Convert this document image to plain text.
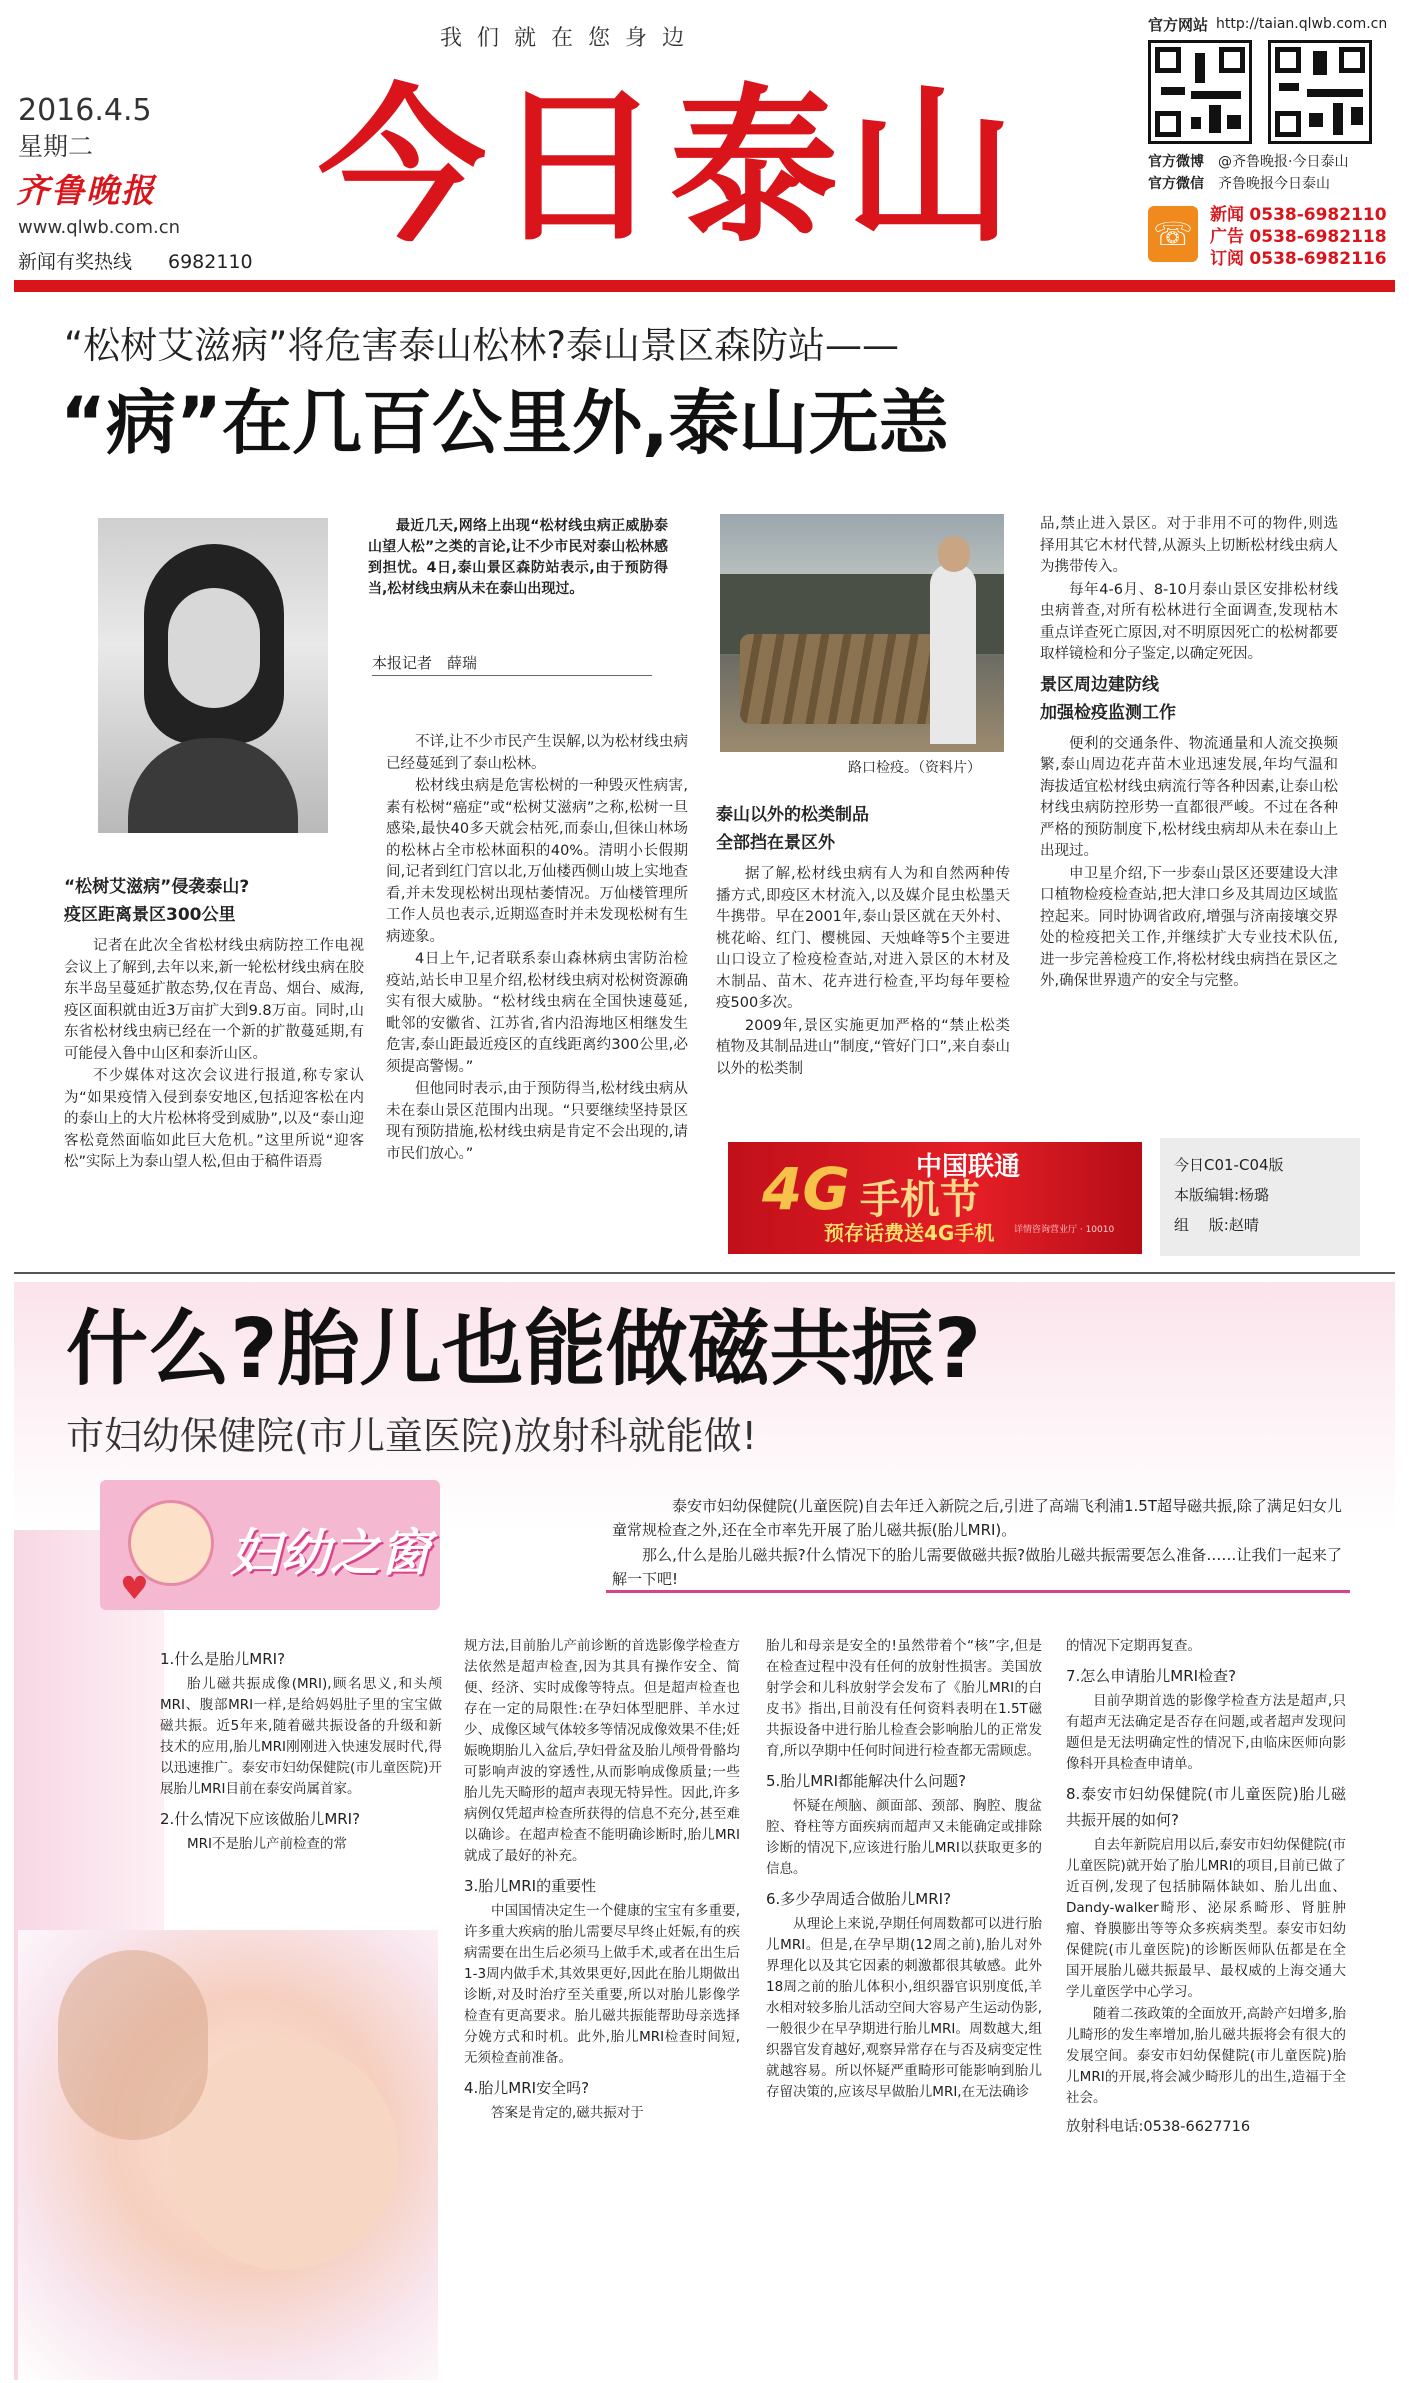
我 们 就 在 您 身 边
2016.4.5
星期二
齐鲁晚报
www.qlwb.com.cn
新闻有奖热线 6982110 今日泰山
官方网站 http://taian.qlwb.com.cn
官方微博 @齐鲁晚报·今日泰山
官方微信 齐鲁晚报今日泰山
☏ 新闻 0538-6982110
广告 0538-6982118
订阅 0538-6982116
“松树艾滋病”将危害泰山松林?泰山景区森防站——
“病”在几百公里外,泰山无恙

最近几天,网络上出现“松材线虫病正威胁泰山望人松”之类的言论,让不少市民对泰山松林感到担忧。4日,泰山景区森防站表示,由于预防得当,松材线虫病从未在泰山出现过。

本报记者　薛瑞
“松树艾滋病”侵袭泰山?
疫区距离景区300公里

记者在此次全省松材线虫病防控工作电视会议上了解到,去年以来,新一轮松材线虫病在胶东半岛呈蔓延扩散态势,仅在青岛、烟台、威海,疫区面积就由近3万亩扩大到9.8万亩。同时,山东省松材线虫病已经在一个新的扩散蔓延期,有可能侵入鲁中山区和泰沂山区。

不少媒体对这次会议进行报道,称专家认为“如果疫情入侵到泰安地区,包括迎客松在内的泰山上的大片松林将受到威胁”,以及“泰山迎客松竟然面临如此巨大危机。”这里所说“迎客松”实际上为泰山望人松,但由于稿件语焉

不详,让不少市民产生误解,以为松材线虫病已经蔓延到了泰山松林。

松材线虫病是危害松树的一种毁灭性病害,素有松树“癌症”或“松树艾滋病”之称,松树一旦感染,最快40多天就会枯死,而泰山,但徕山林场的松林占全市松林面积的40%。清明小长假期间,记者到红门宫以北,万仙楼西侧山坡上实地查看,并未发现松树出现枯萎情况。万仙楼管理所工作人员也表示,近期巡查时并未发现松树有生病迹象。

4日上午,记者联系泰山森林病虫害防治检疫站,站长申卫星介绍,松材线虫病对松树资源确实有很大威胁。“松材线虫病在全国快速蔓延,毗邻的安徽省、江苏省,省内沿海地区相继发生危害,泰山距最近疫区的直线距离约300公里,必须提高警惕。”

但他同时表示,由于预防得当,松材线虫病从未在泰山景区范围内出现。“只要继续坚持景区现有预防措施,松材线虫病是肯定不会出现的,请市民们放心。”

路口检疫。（资料片）
泰山以外的松类制品
全部挡在景区外

据了解,松材线虫病有人为和自然两种传播方式,即疫区木材流入,以及媒介昆虫松墨天牛携带。早在2001年,泰山景区就在天外村、桃花峪、红门、樱桃园、天烛峰等5个主要进山口设立了检疫检查站,对进入景区的木材及木制品、苗木、花卉进行检查,平均每年要检疫500多次。

2009年,景区实施更加严格的“禁止松类植物及其制品进山”制度,“管好门口”,来自泰山以外的松类制

品,禁止进入景区。对于非用不可的物件,则选择用其它木材代替,从源头上切断松材线虫病人为携带传入。

每年4-6月、8-10月泰山景区安排松材线虫病普查,对所有松林进行全面调查,发现枯木重点详查死亡原因,对不明原因死亡的松树都要取样镜检和分子鉴定,以确定死因。

景区周边建防线
加强检疫监测工作

便利的交通条件、物流通量和人流交换频繁,泰山周边花卉苗木业迅速发展,年均气温和海拔适宜松材线虫病流行等各种因素,让泰山松材线虫病防控形势一直都很严峻。不过在各种严格的预防制度下,松材线虫病却从未在泰山上出现过。

申卫星介绍,下一步泰山景区还要建设大津口植物检疫检查站,把大津口乡及其周边区域监控起来。同时协调省政府,增强与济南接壤交界处的检疫把关工作,并继续扩大专业技术队伍,进一步完善检疫工作,将松材线虫病挡在景区之外,确保世界遗产的安全与完整。

中国联通
4G 手机节
预存话费送4G手机 详情咨询营业厅 · 10010
今日C01-C04版
本版编辑:杨璐
组　 版:赵晴
什么?胎儿也能做磁共振?
市妇幼保健院(市儿童医院)放射科就能做!
♥
妇幼之窗

泰安市妇幼保健院(儿童医院)自去年迁入新院之后,引进了高端飞利浦1.5T超导磁共振,除了满足妇女儿童常规检查之外,还在全市率先开展了胎儿磁共振(胎儿MRI)。

那么,什么是胎儿磁共振?什么情况下的胎儿需要做磁共振?做胎儿磁共振需要怎么准备……让我们一起来了解一下吧!

1.什么是胎儿MRI?

胎儿磁共振成像(MRI),顾名思义,和头颅MRI、腹部MRI一样,是给妈妈肚子里的宝宝做磁共振。近5年来,随着磁共振设备的升级和新技术的应用,胎儿MRI刚刚进入快速发展时代,得以迅速推广。泰安市妇幼保健院(市儿童医院)开展胎儿MRI目前在泰安尚属首家。

2.什么情况下应该做胎儿MRI?

MRI不是胎儿产前检查的常

规方法,目前胎儿产前诊断的首选影像学检查方法依然是超声检查,因为其具有操作安全、简便、经济、实时成像等特点。但是超声检查也存在一定的局限性:在孕妇体型肥胖、羊水过少、成像区域气体较多等情况成像效果不佳;妊娠晚期胎儿入盆后,孕妇骨盆及胎儿颅骨骨骼均可影响声波的穿透性,从而影响成像质量;一些胎儿先天畸形的超声表现无特异性。因此,许多病例仅凭超声检查所获得的信息不充分,甚至难以确诊。在超声检查不能明确诊断时,胎儿MRI就成了最好的补充。

3.胎儿MRI的重要性

中国国情决定生一个健康的宝宝有多重要,许多重大疾病的胎儿需要尽早终止妊娠,有的疾病需要在出生后必须马上做手术,或者在出生后1-3周内做手术,其效果更好,因此在胎儿期做出诊断,对及时治疗至关重要,所以对胎儿影像学检查有更高要求。胎儿磁共振能帮助母亲选择分娩方式和时机。此外,胎儿MRI检查时间短,无须检查前准备。

4.胎儿MRI安全吗?

答案是肯定的,磁共振对于

胎儿和母亲是安全的!虽然带着个“核”字,但是在检查过程中没有任何的放射性损害。美国放射学会和儿科放射学会发布了《胎儿MRI的白皮书》指出,目前没有任何资料表明在1.5T磁共振设备中进行胎儿检查会影响胎儿的正常发育,所以孕期中任何时间进行检查都无需顾虑。

5.胎儿MRI都能解决什么问题?

怀疑在颅脑、颜面部、颈部、胸腔、腹盆腔、脊柱等方面疾病而超声又未能确定或排除诊断的情况下,应该进行胎儿MRI以获取更多的信息。

6.多少孕周适合做胎儿MRI?

从理论上来说,孕期任何周数都可以进行胎儿MRI。但是,在孕早期(12周之前),胎儿对外界理化以及其它因素的刺激都很其敏感。此外18周之前的胎儿体积小,组织器官识别度低,羊水相对较多胎儿活动空间大容易产生运动伪影,一般很少在早孕期进行胎儿MRI。周数越大,组织器官发育越好,观察异常存在与否及病变定性就越容易。所以怀疑严重畸形可能影响到胎儿存留决策的,应该尽早做胎儿MRI,在无法确诊

的情况下定期再复查。

7.怎么申请胎儿MRI检查?

目前孕期首选的影像学检查方法是超声,只有超声无法确定是否存在问题,或者超声发现问题但是无法明确定性的情况下,由临床医师向影像科开具检查申请单。

8.泰安市妇幼保健院(市儿童医院)胎儿磁共振开展的如何?

自去年新院启用以后,泰安市妇幼保健院(市儿童医院)就开始了胎儿MRI的项目,目前已做了近百例,发现了包括肺隔体缺如、胎儿出血、Dandy-walker畸形、泌尿系畸形、肾脏肿瘤、脊膜膨出等等众多疾病类型。泰安市妇幼保健院(市儿童医院)的诊断医师队伍都是在全国开展胎儿磁共振最早、最权威的上海交通大学儿童医学中心学习。

随着二孩政策的全面放开,高龄产妇增多,胎儿畸形的发生率增加,胎儿磁共振将会有很大的发展空间。泰安市妇幼保健院(市儿童医院)胎儿MRI的开展,将会减少畸形儿的出生,造福于全社会。

放射科电话:0538-6627716
